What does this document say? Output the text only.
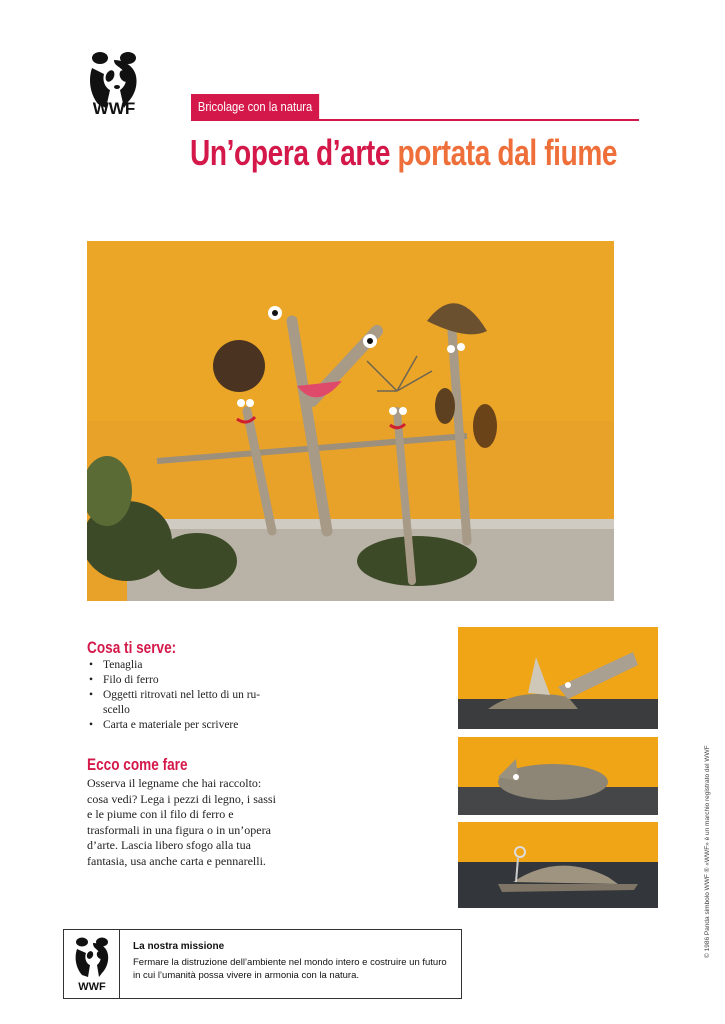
WWF	Bricolage con la natura
Un’opera d’arte portata dal fiume
Cosa ti serve:
• Tenaglia
• Filo di ferro
• Oggetti ritrovati nel letto di un ru-scello
• Carta e materiale per scrivere
Ecco come fare
Osserva il legname che hai raccolto: cosa vedi? Lega i pezzi di legno, i sassi e le piume con il filo di ferro e trasformali in una figura o in un’opera d’arte. Lascia libero sfogo alla tua fantasia, usa anche carta e pennarelli.	© 1986 Panda simbolo WWF ® «WWF» è un marchio registrato del WWF
WWF
La nostra missione
Fermare la distruzione dell’ambiente nel mondo intero e costruire un futuro in cui l’umanità possa vivere in armonia con la natura.
